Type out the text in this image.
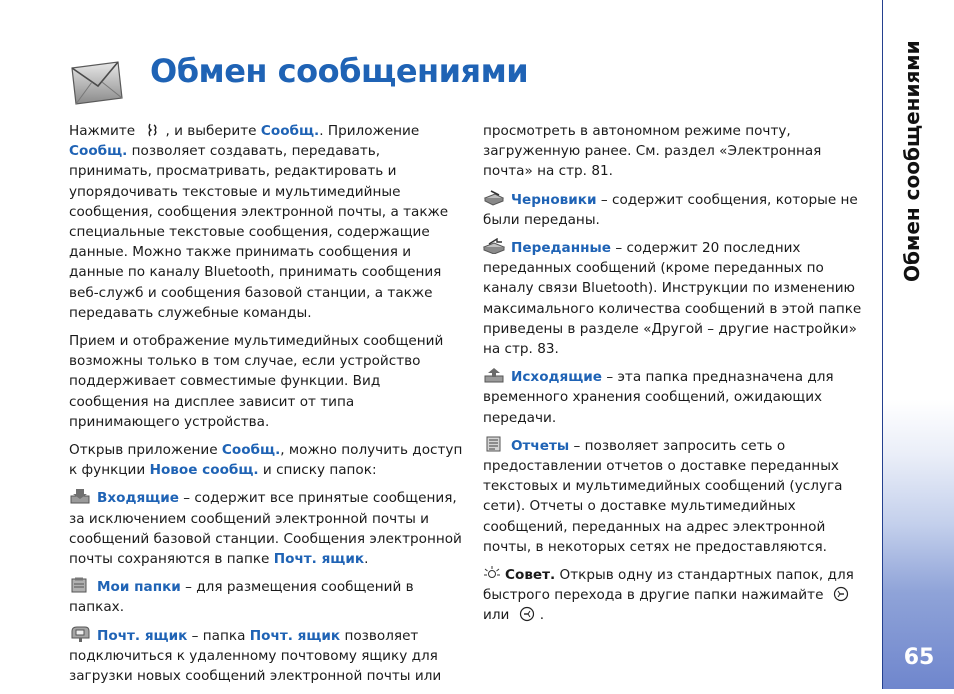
Обмен сообщениями	Обмен сообщениями
65

Нажмите , и выберите Сообщ.. Приложение Сообщ. позволяет создавать, передавать, принимать, просматривать, редактировать и упорядочивать текстовые и мультимедийные сообщения, сообщения электронной почты, а также специальные текстовые сообщения, содержащие данные. Можно также принимать сообщения и данные по каналу Bluetooth, принимать сообщения веб-служб и сообщения базовой станции, а также передавать служебные команды.

Прием и отображение мультимедийных сообщений возможны только в том случае, если устройство поддерживает совместимые функции. Вид сообщения на дисплее зависит от типа принимающего устройства.

Открыв приложение Сообщ., можно получить доступ к функции Новое сообщ. и списку папок:

Входящие – содержит все принятые сообщения, за исключением сообщений электронной почты и сообщений базовой станции. Сообщения электронной почты сохраняются в папке Почт. ящик.

Мои папки – для размещения сообщений в папках.

Почт. ящик – папка Почт. ящик позволяет подключиться к удаленному почтовому ящику для загрузки новых сообщений электронной почты или

просмотреть в автономном режиме почту, загруженную ранее. См. раздел «Электронная почта» на стр. 81.

Черновики – содержит сообщения, которые не были переданы.

Переданные – содержит 20 последних переданных сообщений (кроме переданных по каналу связи Bluetooth). Инструкции по изменению максимального количества сообщений в этой папке приведены в разделе «Другой – другие настройки» на стр. 83.

Исходящие – эта папка предназначена для временного хранения сообщений, ожидающих передачи.

Отчеты – позволяет запросить сеть о предоставлении отчетов о доставке переданных текстовых и мультимедийных сообщений (услуга сети). Отчеты о доставке мультимедийных сообщений, переданных на адрес электронной почты, в некоторых сетях не предоставляются.

Совет. Открыв одну из стандартных папок, для быстрого перехода в другие папки нажимайте или .
